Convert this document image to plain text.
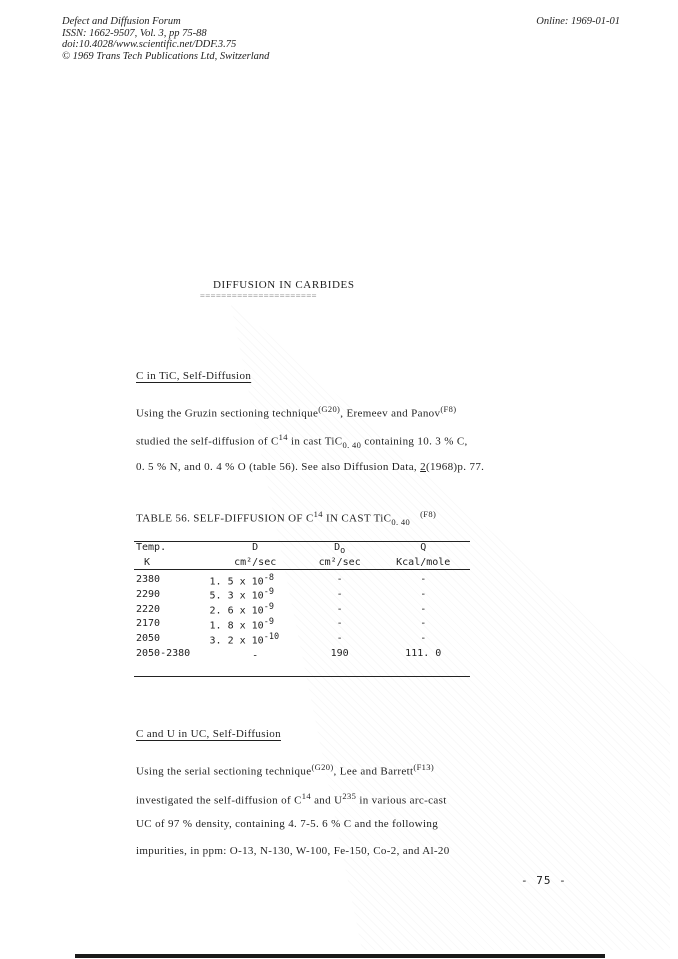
Defect and Diffusion Forum
ISSN: 1662-9507, Vol. 3, pp 75-88
doi:10.4028/www.scientific.net/DDF.3.75
© 1969 Trans Tech Publications Ltd, Switzerland
Online: 1969-01-01
DIFFUSION IN CARBIDES
======================
C in TiC, Self-Diffusion
Using the Gruzin sectioning technique$^{(G20)}$, Eremeev and Panov$^{(F8)}$
studied the self-diffusion of $C^{14}$ in cast TiC$_{0. 40}$ containing 10. 3 % C,
0. 5 % N, and 0. 4 % O (table 56). See also Diffusion Data, 2(1968)p. 77.
TABLE 56. SELF-DIFFUSION OF $C^{14}$ IN CAST TiC$_{0. 40}^{(F8)}$

Temp.	D	$D_o$	Q
K	cm²/sec	cm²/sec	Kcal/mole

2380	1. 5 x $10^{-8}$	-	-
2290	5. 3 x $10^{-9}$	-	-
2220	2. 6 x $10^{-9}$	-	-
2170	1. 8 x $10^{-9}$	-	-
2050	3. 2 x $10^{-10}$	-	-
2050-2380	-	190	111. 0

C and U in UC, Self-Diffusion
Using the serial sectioning technique$^{(G20)}$, Lee and Barrett$^{(F13)}$
investigated the self-diffusion of $C^{14}$ and $U^{235}$ in various arc-cast
UC of 97 % density, containing 4. 7-5. 6 % C and the following
impurities, in ppm: O-13, N-130, W-100, Fe-150, Co-2, and Al-20
- 75 -
